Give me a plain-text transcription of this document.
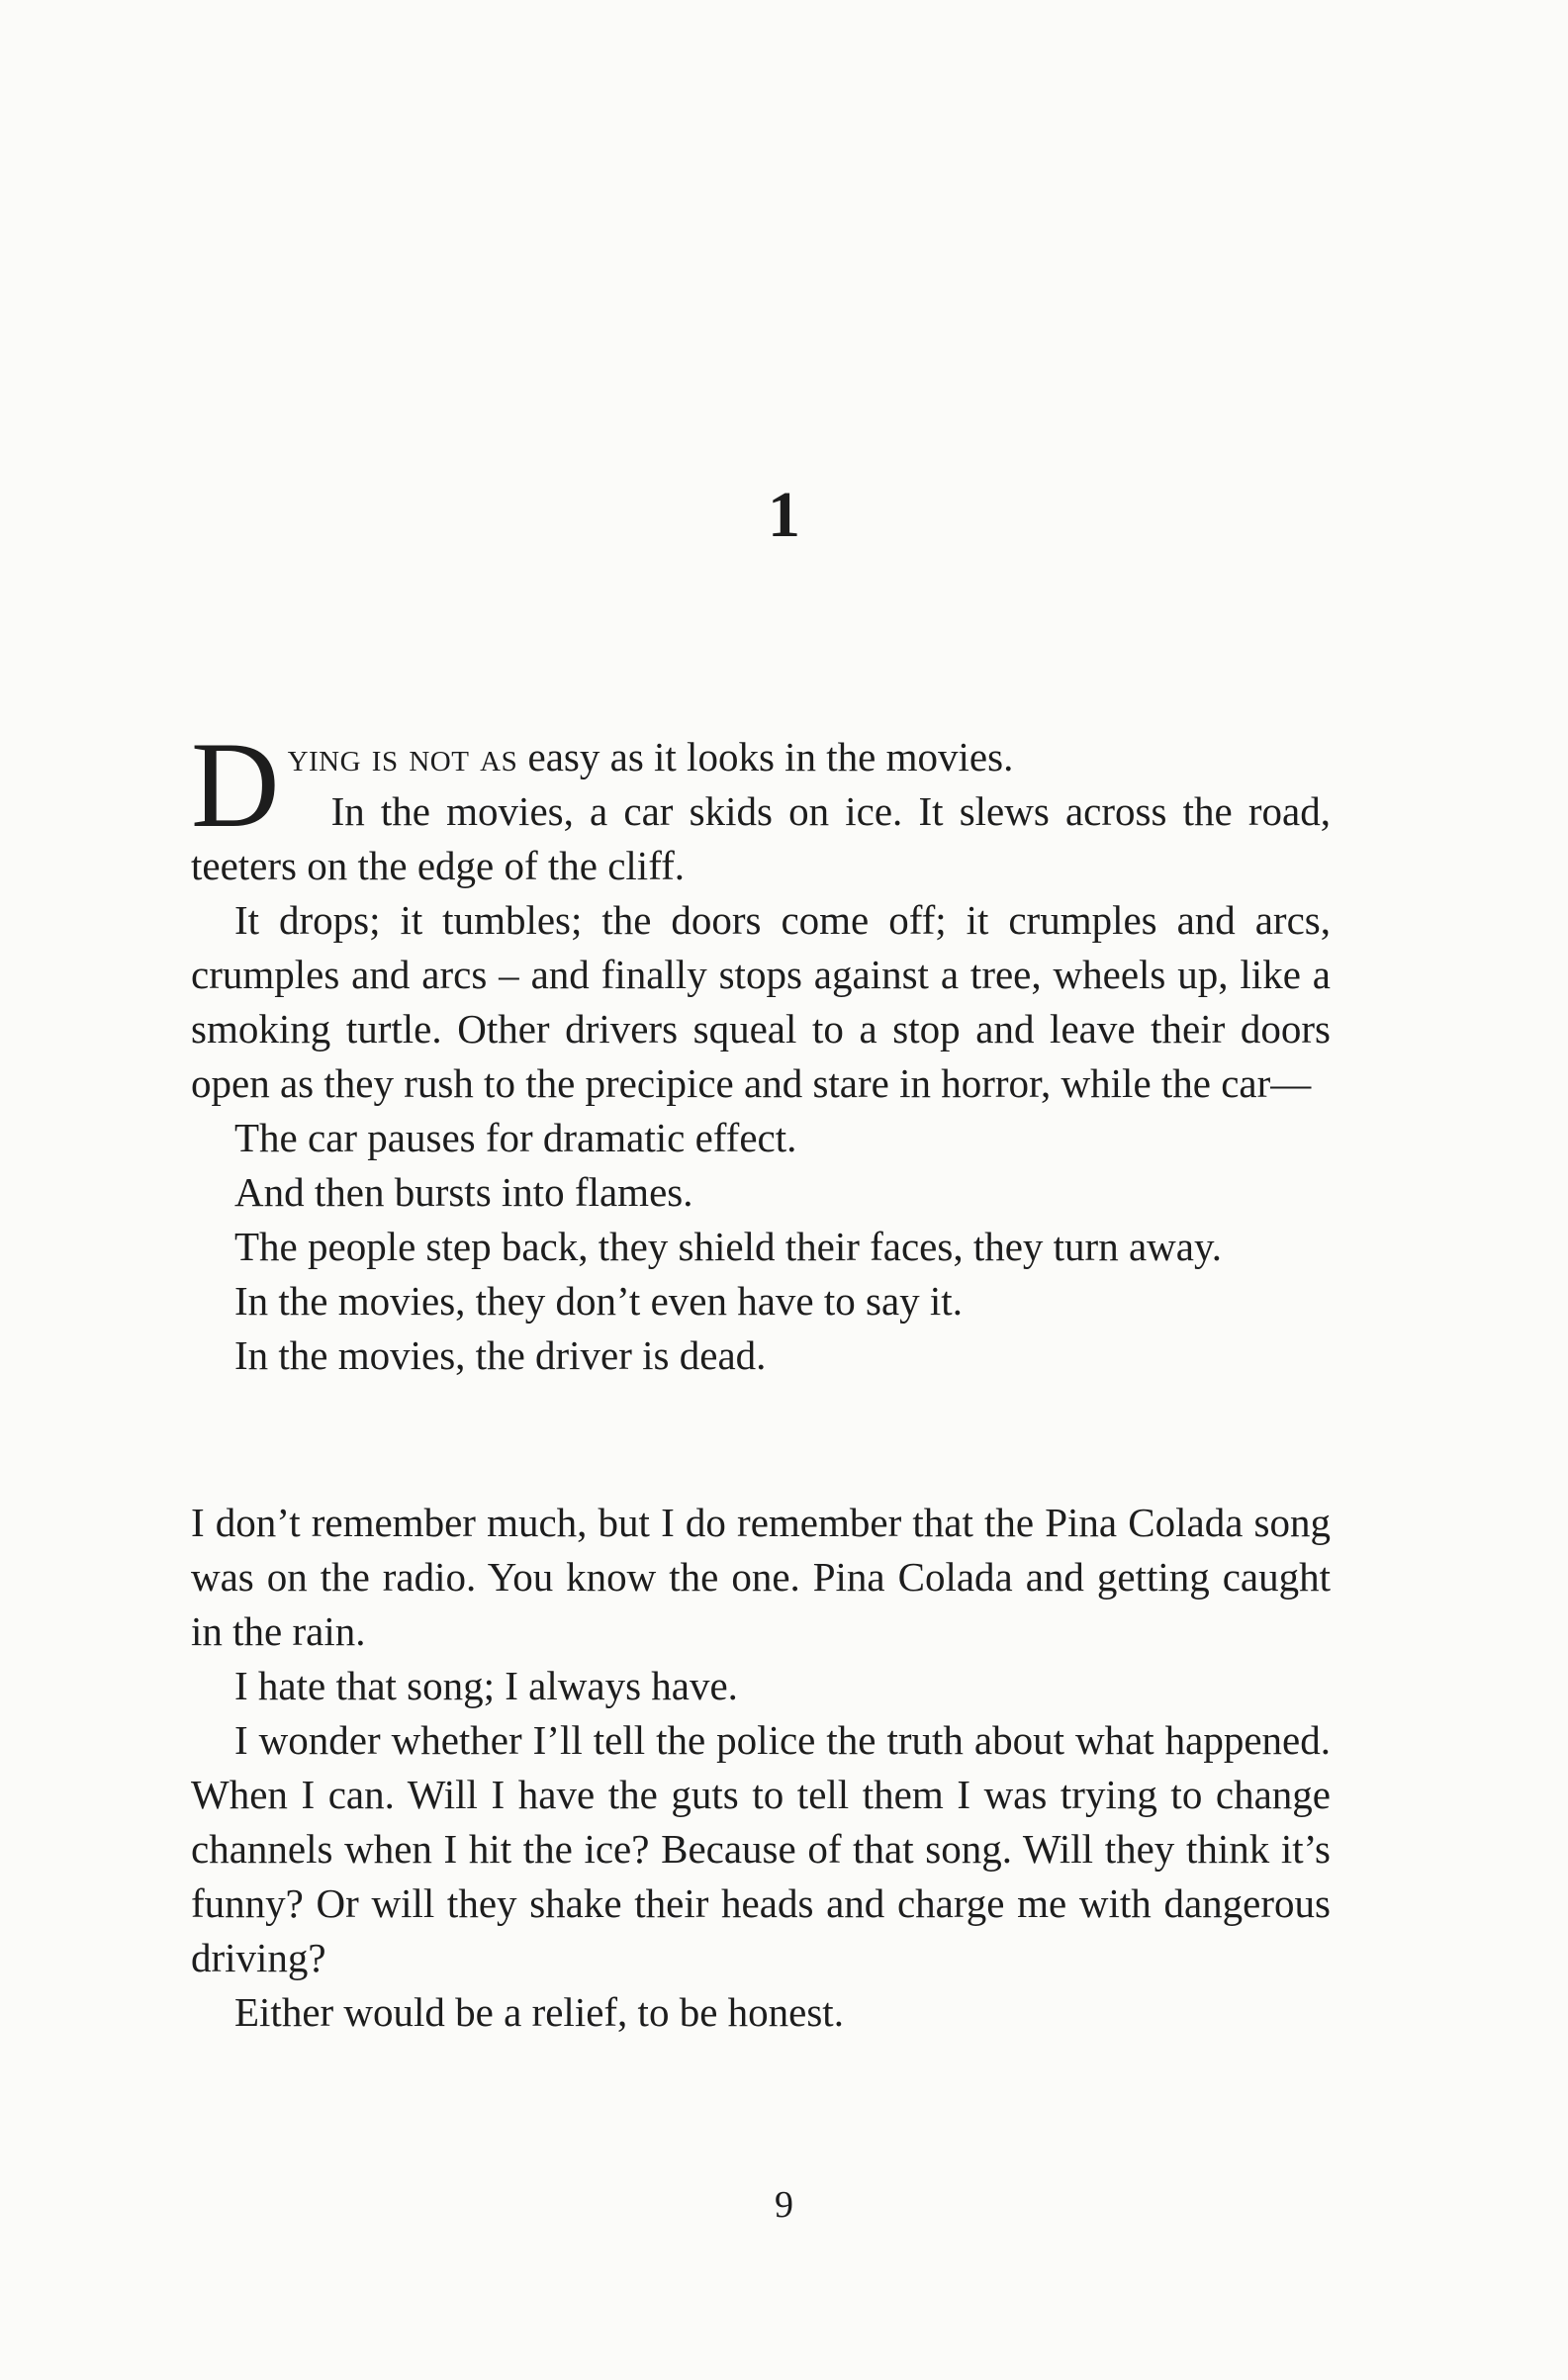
1

Dying is not as easy as it looks in the movies.

In the movies, a car skids on ice. It slews across the road, teeters on the edge of the cliff.

It drops; it tumbles; the doors come off; it crumples and arcs, crumples and arcs – and finally stops against a tree, wheels up, like a smoking turtle. Other drivers squeal to a stop and leave their doors open as they rush to the precipice and stare in horror, while the car—

The car pauses for dramatic effect.

And then bursts into flames.

The people step back, they shield their faces, they turn away.

In the movies, they don’t even have to say it.

In the movies, the driver is dead.

I don’t remember much, but I do remember that the Pina Colada song was on the radio. You know the one. Pina Colada and getting caught in the rain.

I hate that song; I always have.

I wonder whether I’ll tell the police the truth about what happened. When I can. Will I have the guts to tell them I was trying to change channels when I hit the ice? Because of that song. Will they think it’s funny? Or will they shake their heads and charge me with dangerous driving?

Either would be a relief, to be honest.

9
